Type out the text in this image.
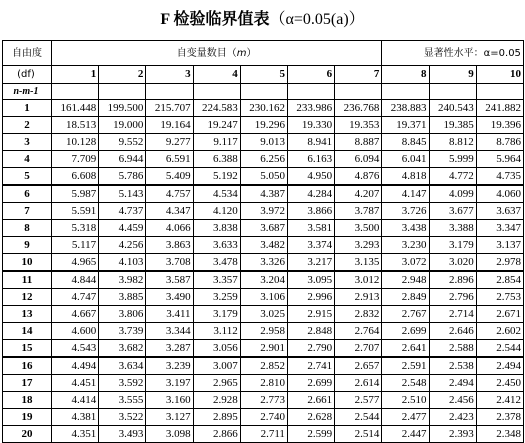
F 检验临界值表（α=0.05(a)）
自由度	自变量数目（m）							显著性水平：α=0.05		
(df)	1	2	3	4	5	6	7	8	9	10
n-m-1										
1	161.448	199.500	215.707	224.583	230.162	233.986	236.768	238.883	240.543	241.882
2	18.513	19.000	19.164	19.247	19.296	19.330	19.353	19.371	19.385	19.396
3	10.128	9.552	9.277	9.117	9.013	8.941	8.887	8.845	8.812	8.786
4	7.709	6.944	6.591	6.388	6.256	6.163	6.094	6.041	5.999	5.964
5	6.608	5.786	5.409	5.192	5.050	4.950	4.876	4.818	4.772	4.735
6	5.987	5.143	4.757	4.534	4.387	4.284	4.207	4.147	4.099	4.060
7	5.591	4.737	4.347	4.120	3.972	3.866	3.787	3.726	3.677	3.637
8	5.318	4.459	4.066	3.838	3.687	3.581	3.500	3.438	3.388	3.347
9	5.117	4.256	3.863	3.633	3.482	3.374	3.293	3.230	3.179	3.137
10	4.965	4.103	3.708	3.478	3.326	3.217	3.135	3.072	3.020	2.978
11	4.844	3.982	3.587	3.357	3.204	3.095	3.012	2.948	2.896	2.854
12	4.747	3.885	3.490	3.259	3.106	2.996	2.913	2.849	2.796	2.753
13	4.667	3.806	3.411	3.179	3.025	2.915	2.832	2.767	2.714	2.671
14	4.600	3.739	3.344	3.112	2.958	2.848	2.764	2.699	2.646	2.602
15	4.543	3.682	3.287	3.056	2.901	2.790	2.707	2.641	2.588	2.544
16	4.494	3.634	3.239	3.007	2.852	2.741	2.657	2.591	2.538	2.494
17	4.451	3.592	3.197	2.965	2.810	2.699	2.614	2.548	2.494	2.450
18	4.414	3.555	3.160	2.928	2.773	2.661	2.577	2.510	2.456	2.412
19	4.381	3.522	3.127	2.895	2.740	2.628	2.544	2.477	2.423	2.378
20	4.351	3.493	3.098	2.866	2.711	2.599	2.514	2.447	2.393	2.348
